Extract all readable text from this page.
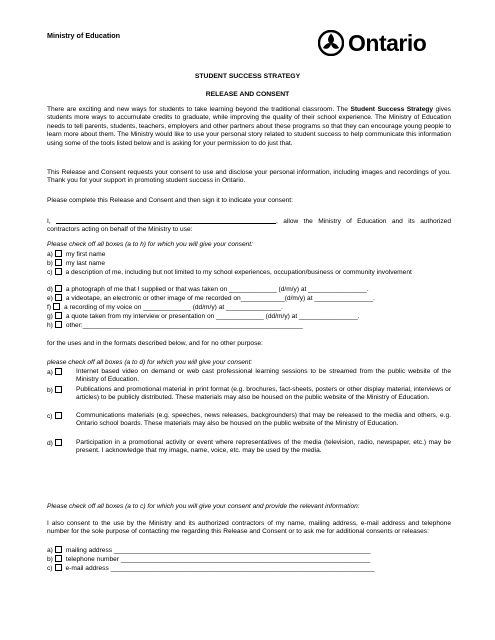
Ministry of Education	Ontario
STUDENT SUCCESS STRATEGY
RELEASE AND CONSENT
There are exciting and new ways for students to take learning beyond the traditional classroom. The Student Success Strategy gives students more ways to accumulate credits to graduate, while improving the quality of their school experience. The Ministry of Education needs to tell parents, students, teachers, employers and other partners about these programs so that they can encourage young people to learn more about them. The Ministry would like to use your personal story related to student success to help communicate this information using some of the tools listed below and is asking for your permission to do just that.
This Release and Consent requests your consent to use and disclose your personal information, including images and recordings of you. Thank you for your support in promoting student success in Ontario.
Please complete this Release and Consent and then sign it to indicate your consent:
I,	, allow the Ministry of Education and its authorized contractors acting on behalf of the Ministry to use:
Please check off all boxes (a to h) for which you will give your consent:
a) my first name
b) my last name
c) a description of me, including but not limited to my school experiences, occupation/business or community involvement
d) a photograph of me that I supplied or that was taken on _____________ (d/m/y) at ________________.
e) a videotape, an electronic or other image of me recorded on____________(d/m/y) at ________________.
f) a recording of my voice on _____________ (dd/m/y) at _______________.
g) a quote taken from my interview or presentation on _____________ (dd/m/y) at ________________.
h) other:____________________________________________________________
for the uses and in the formats described below, and for no other purpose:
please check off all boxes (a to d) for which you will give your consent:
a)	Internet based video on demand or web cast professional learning sessions to be streamed from the public website of the Ministry of Education.
b)	Publications and promotional material in print format (e.g. brochures, fact-sheets, posters or other display material, interviews or articles) to be publicly distributed. These materials may also be housed on the public website of the Ministry of Education.
c)	Communications materials (e.g. speeches, news releases, backgrounders) that may be released to the media and others, e.g. Ontario school boards. These materials may also be housed on the public website of the Ministry of Education.
d)	Participation in a promotional activity or event where representatives of the media (television, radio, newspaper, etc.) may be present. I acknowledge that my image, name, voice, etc. may be used by the media.
Please check off all boxes (a to c) for which you will give your consent and provide the relevant information:
I also consent to the use by the Ministry and its authorized contractors of my name, mailing address, e-mail address and telephone number for the sole purpose of contacting me regarding this Release and Consent or to ask me for additional consents or releases:
a) mailing address ______________________________________________________________________
b) telephone number ____________________________________________________________________
c) e-mail address ________________________________________________________________________
